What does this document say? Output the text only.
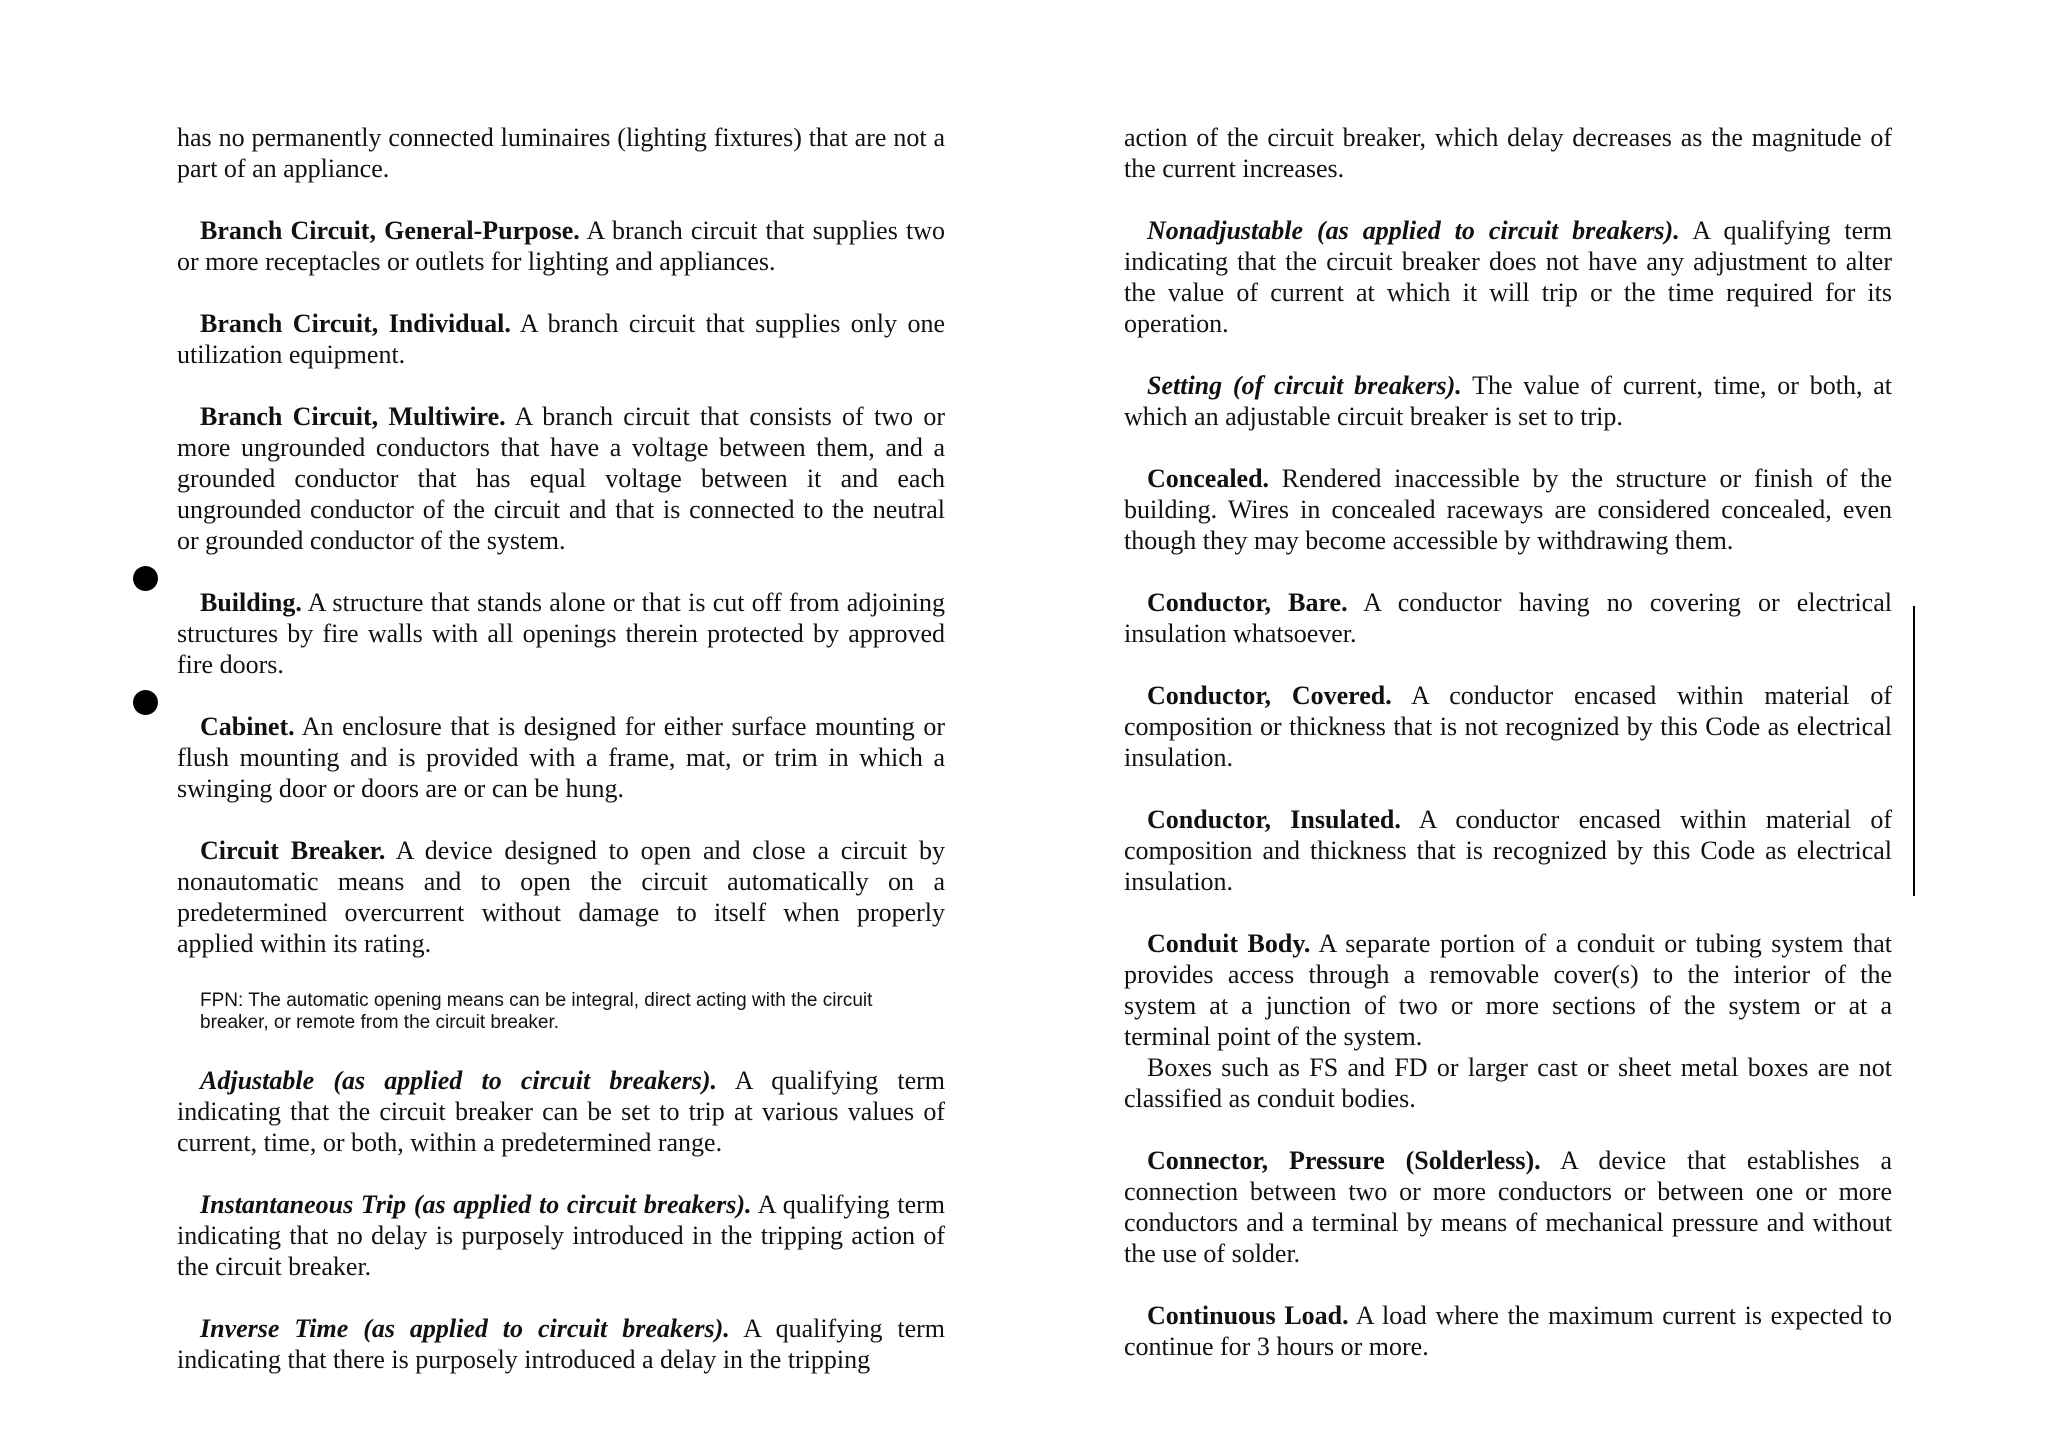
has no permanently connected luminaires (lighting fixtures) that are not a part of an appliance.

Branch Circuit, General-Purpose. A branch circuit that supplies two or more receptacles or outlets for lighting and appliances.

Branch Circuit, Individual. A branch circuit that supplies only one utilization equipment.

Branch Circuit, Multiwire. A branch circuit that consists of two or more ungrounded conductors that have a voltage between them, and a grounded conductor that has equal voltage between it and each ungrounded conductor of the circuit and that is connected to the neutral or grounded conductor of the system.

Building. A structure that stands alone or that is cut off from adjoining structures by fire walls with all openings therein protected by approved fire doors.

Cabinet. An enclosure that is designed for either surface mounting or flush mounting and is provided with a frame, mat, or trim in which a swinging door or doors are or can be hung.

Circuit Breaker. A device designed to open and close a circuit by nonautomatic means and to open the circuit automatically on a predetermined overcurrent without damage to itself when properly applied within its rating.

FPN: The automatic opening means can be integral, direct acting with the circuit breaker, or remote from the circuit breaker.

Adjustable (as applied to circuit breakers). A qualifying term indicating that the circuit breaker can be set to trip at various values of current, time, or both, within a predetermined range.

Instantaneous Trip (as applied to circuit breakers). A qualifying term indicating that no delay is purposely introduced in the tripping action of the circuit breaker.

Inverse Time (as applied to circuit breakers). A qualifying term indicating that there is purposely introduced a delay in the tripping

action of the circuit breaker, which delay decreases as the magnitude of the current increases.

Nonadjustable (as applied to circuit breakers). A qualifying term indicating that the circuit breaker does not have any adjustment to alter the value of current at which it will trip or the time required for its operation.

Setting (of circuit breakers). The value of current, time, or both, at which an adjustable circuit breaker is set to trip.

Concealed. Rendered inaccessible by the structure or finish of the building. Wires in concealed raceways are considered concealed, even though they may become accessible by withdrawing them.

Conductor, Bare. A conductor having no covering or electrical insulation whatsoever.

Conductor, Covered. A conductor encased within material of composition or thickness that is not recognized by this Code as electrical insulation.

Conductor, Insulated. A conductor encased within material of composition and thickness that is recognized by this Code as electrical insulation.

Conduit Body. A separate portion of a conduit or tubing system that provides access through a removable cover(s) to the interior of the system at a junction of two or more sections of the system or at a terminal point of the system.

Boxes such as FS and FD or larger cast or sheet metal boxes are not classified as conduit bodies.

Connector, Pressure (Solderless). A device that establishes a connection between two or more conductors or between one or more conductors and a terminal by means of mechanical pressure and without the use of solder.

Continuous Load. A load where the maximum current is expected to continue for 3 hours or more.
